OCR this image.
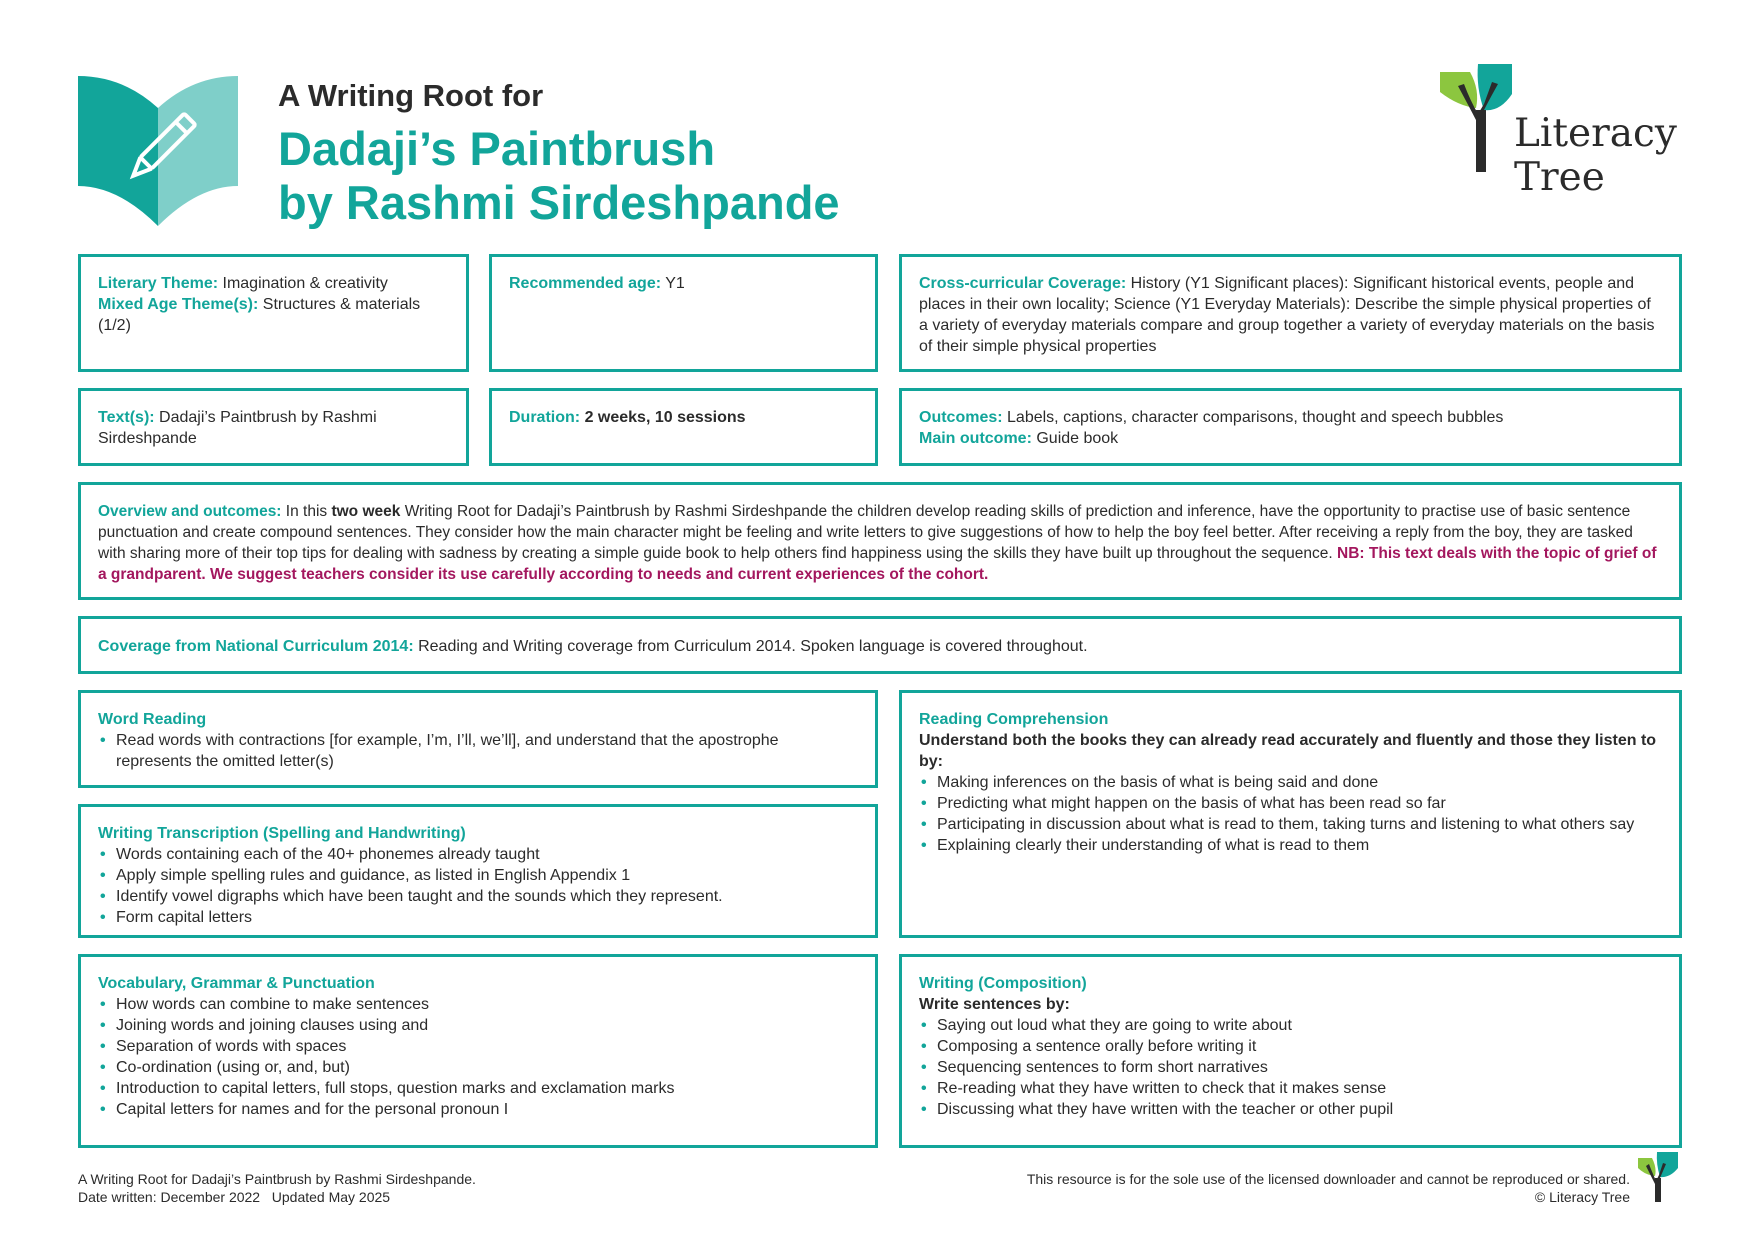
A Writing Root for
Dadaji’s Paintbrush
by Rashmi Sirdeshpande
Literacy
Tree
Literary Theme: Imagination & creativity
Mixed Age Theme(s): Structures & materials (1/2)
Recommended age: Y1	Cross-curricular Coverage: History (Y1 Significant places): Significant historical events, people and places in their own locality; Science (Y1 Everyday Materials): Describe the simple physical properties of a variety of everyday materials compare and group together a variety of everyday materials on the basis of their simple physical properties
Text(s): Dadaji’s Paintbrush by Rashmi Sirdeshpande
Duration: 2 weeks, 10 sessions	Outcomes: Labels, captions, character comparisons, thought and speech bubbles
Main outcome: Guide book
Overview and outcomes: In this two week Writing Root for Dadaji’s Paintbrush by Rashmi Sirdeshpande the children develop reading skills of prediction and inference, have the opportunity to practise use of basic sentence punctuation and create compound sentences. They consider how the main character might be feeling and write letters to give suggestions of how to help the boy feel better. After receiving a reply from the boy, they are tasked with sharing more of their top tips for dealing with sadness by creating a simple guide book to help others find happiness using the skills they have built up throughout the sequence. NB: This text deals with the topic of grief of a grandparent. We suggest teachers consider its use carefully according to needs and current experiences of the cohort.
Coverage from National Curriculum 2014: Reading and Writing coverage from Curriculum 2014. Spoken language is covered throughout.
Word Reading
• Read words with contractions [for example, I’m, I’ll, we’ll], and understand that the apostrophe represents the omitted letter(s)
Writing Transcription (Spelling and Handwriting)
• Words containing each of the 40+ phonemes already taught
• Apply simple spelling rules and guidance, as listed in English Appendix 1
• Identify vowel digraphs which have been taught and the sounds which they represent.
• Form capital letters
Reading Comprehension
Understand both the books they can already read accurately and fluently and those they listen to by:
• Making inferences on the basis of what is being said and done
• Predicting what might happen on the basis of what has been read so far
• Participating in discussion about what is read to them, taking turns and listening to what others say
• Explaining clearly their understanding of what is read to them
Vocabulary, Grammar & Punctuation
• How words can combine to make sentences
• Joining words and joining clauses using and
• Separation of words with spaces
• Co-ordination (using or, and, but)
• Introduction to capital letters, full stops, question marks and exclamation marks
• Capital letters for names and for the personal pronoun I
Writing (Composition)
Write sentences by:
• Saying out loud what they are going to write about
• Composing a sentence orally before writing it
• Sequencing sentences to form short narratives
• Re-reading what they have written to check that it makes sense
• Discussing what they have written with the teacher or other pupil
A Writing Root for Dadaji’s Paintbrush by Rashmi Sirdeshpande.
Date written: December 2022   Updated May 2025
This resource is for the sole use of the licensed downloader and cannot be reproduced or shared.
© Literacy Tree
